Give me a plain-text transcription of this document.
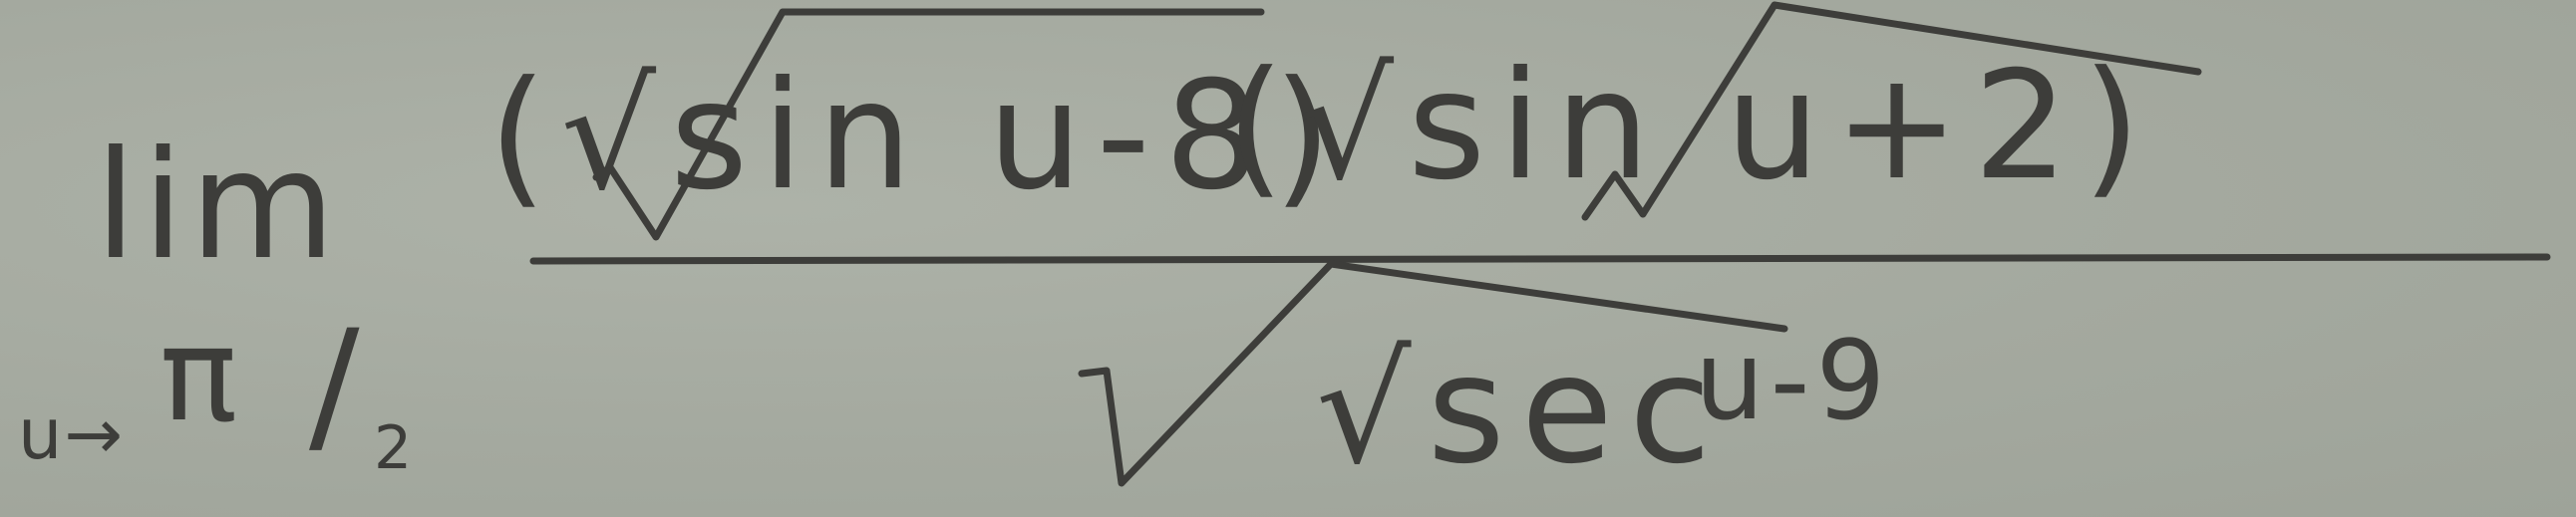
lim
u→ π / 2
(√sin u-8)
(√sin u+2)
√sec
u-9
